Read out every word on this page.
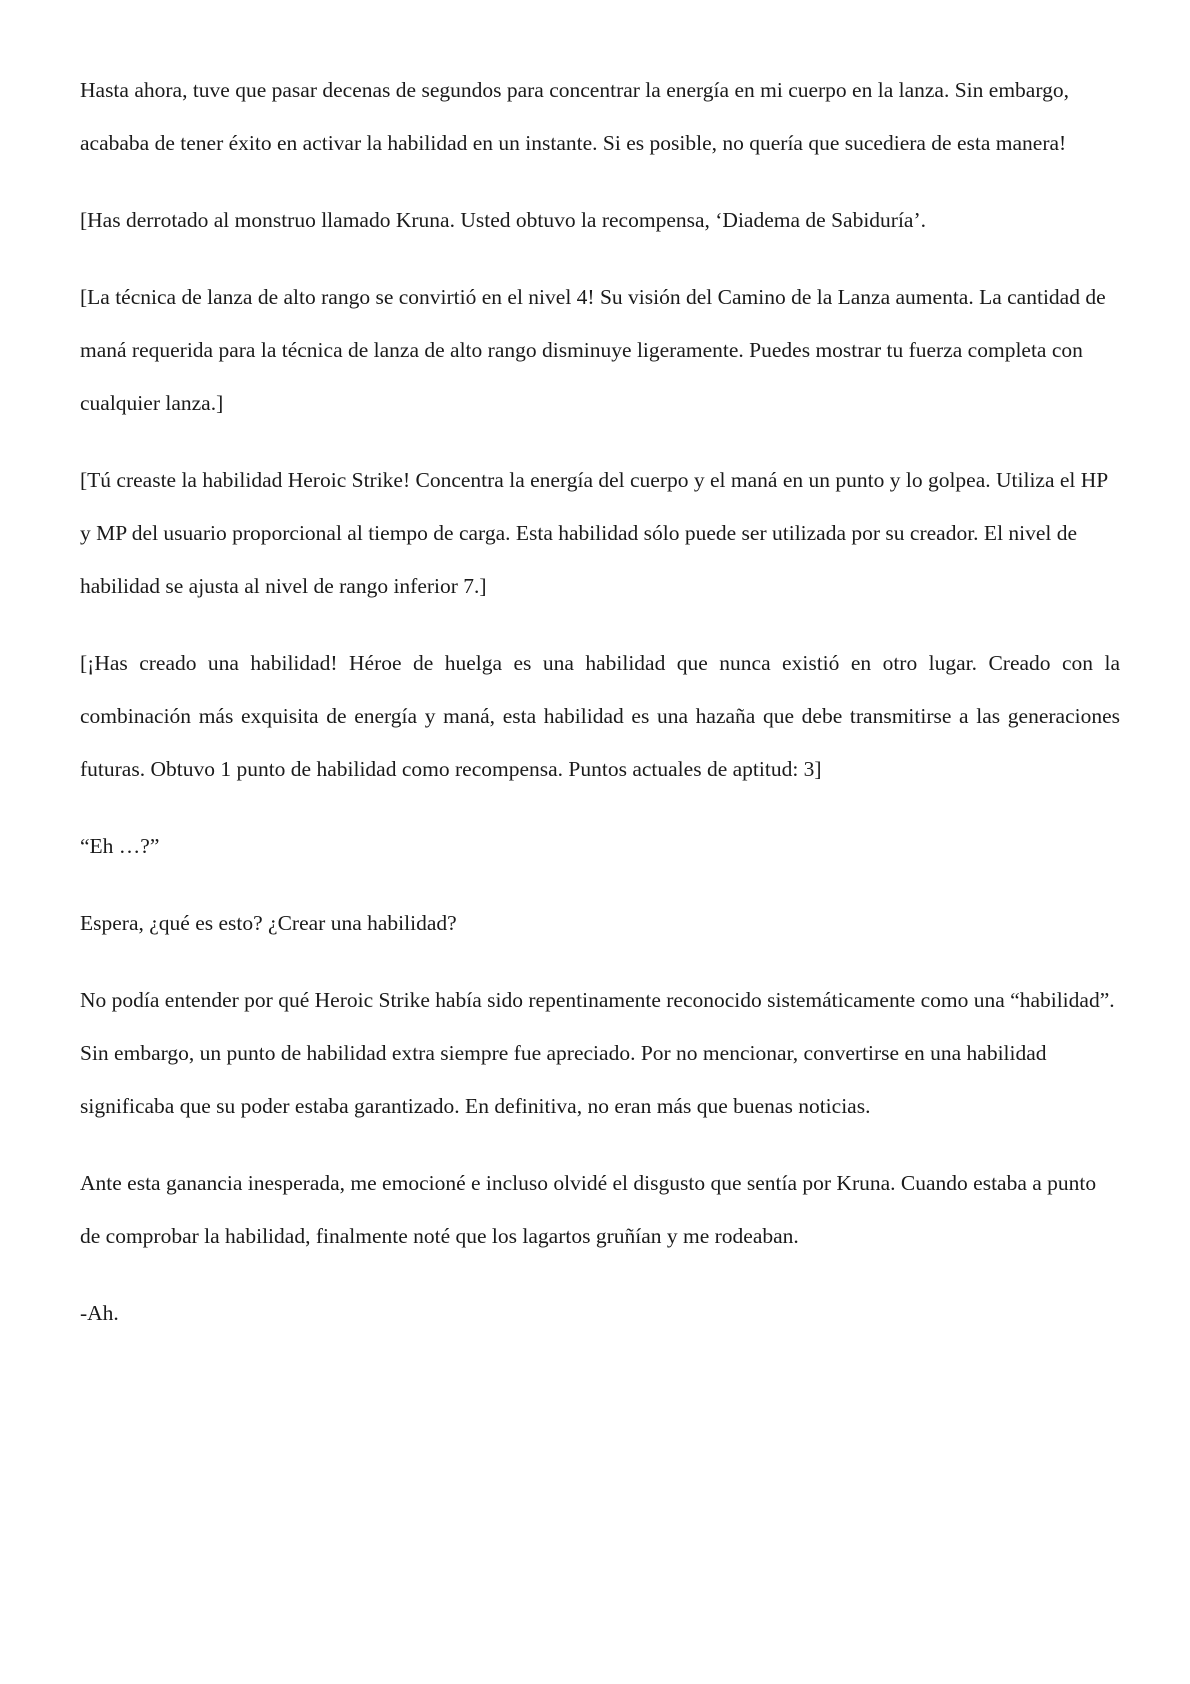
Hasta ahora, tuve que pasar decenas de segundos para concentrar la energía en mi cuerpo en la lanza. Sin embargo, acababa de tener éxito en activar la habilidad en un instante. Si es posible, no quería que sucediera de esta manera!

[Has derrotado al monstruo llamado Kruna. Usted obtuvo la recompensa, ‘Diadema de Sabiduría’.

[La técnica de lanza de alto rango se convirtió en el nivel 4! Su visión del Camino de la Lanza aumenta. La cantidad de maná requerida para la técnica de lanza de alto rango disminuye ligeramente. Puedes mostrar tu fuerza completa con cualquier lanza.]

[Tú creaste la habilidad Heroic Strike! Concentra la energía del cuerpo y el maná en un punto y lo golpea. Utiliza el HP y MP del usuario proporcional al tiempo de carga. Esta habilidad sólo puede ser utilizada por su creador. El nivel de habilidad se ajusta al nivel de rango inferior 7.]

[¡Has creado una habilidad! Héroe de huelga es una habilidad que nunca existió en otro lugar. Creado con la combinación más exquisita de energía y maná, esta habilidad es una hazaña que debe transmitirse a las generaciones futuras. Obtuvo 1 punto de habilidad como recompensa. Puntos actuales de aptitud: 3]

“Eh …?”

Espera, ¿qué es esto? ¿Crear una habilidad?

No podía entender por qué Heroic Strike había sido repentinamente reconocido sistemáticamente como una “habilidad”. Sin embargo, un punto de habilidad extra siempre fue apreciado. Por no mencionar, convertirse en una habilidad significaba que su poder estaba garantizado. En definitiva, no eran más que buenas noticias.

Ante esta ganancia inesperada, me emocioné e incluso olvidé el disgusto que sentía por Kruna. Cuando estaba a punto de comprobar la habilidad, finalmente noté que los lagartos gruñían y me rodeaban.

-Ah.
